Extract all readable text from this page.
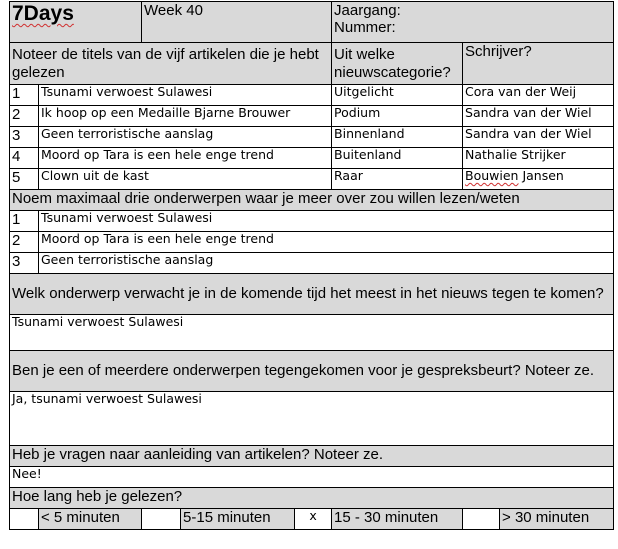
7Days		Week 40			Jaargang:
Nummer:		

Noteer de titels van de vijf artikelen die je hebt gelezen					Uit welke nieuwscategorie?	Schrijver?	
1	Tsunami verwoest Sulawesi				Uitgelicht	Cora van der Weij	
2	Ik hoop op een Medaille Bjarne Brouwer				Podium	Sandra van der Wiel	
3	Geen terroristische aanslag				Binnenland	Sandra van der Wiel	
4	Moord op Tara is een hele enge trend				Buitenland	Nathalie Strijker	
5	Clown uit de kast				Raar	Bouwien Jansen	
Noem maximaal drie onderwerpen waar je meer over zou willen lezen/weten							
1	Tsunami verwoest Sulawesi						
2	Moord op Tara is een hele enge trend						
3	Geen terroristische aanslag						
Welk onderwerp verwacht je in de komende tijd het meest in het nieuws tegen te komen?							
Tsunami verwoest Sulawesi							
Ben je een of meerdere onderwerpen tegengekomen voor je gespreksbeurt? Noteer ze.							
Ja, tsunami verwoest Sulawesi							
Heb je vragen naar aanleiding van artikelen? Noteer ze.							
Nee!							
Hoe lang heb je gelezen?							
	< 5 minuten		5-15 minuten	x	15 - 30 minuten		> 30 minuten
